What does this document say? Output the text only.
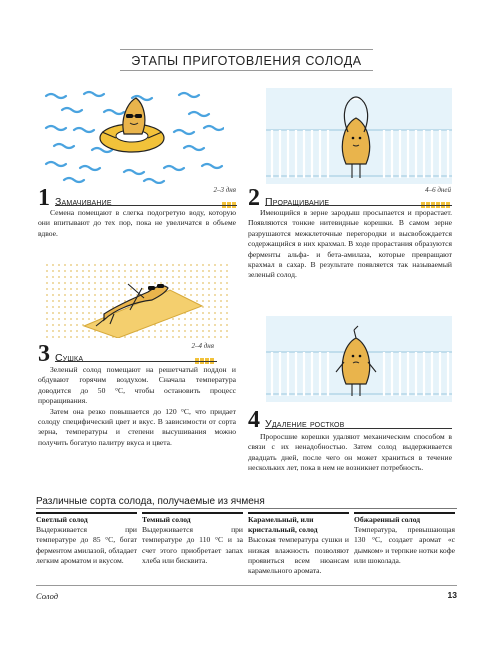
ЭТАПЫ ПРИГОТОВЛЕНИЯ СОЛОДА
1 Замачивание
2–3 дня

Семена помещают в слегка подогретую воду, которую они впитывают до тех пор, пока не увеличатся в объеме вдвое.

2 Проращивание
4–6 дней

Имеющийся в зерне зародыш просыпается и прорастает. Появляются тонкие нитевидные корешки. В самом зерне разрушаются межклеточные перегородки и высвобождается содержащийся в них крахмал. В ходе прорастания образуются ферменты альфа- и бета-амилаза, которые превращают крахмал в сахар. В результате появляется так называемый зеленый солод.

3 Сушка
2–4 дня

Зеленый солод помещают на решетчатый поддон и обдувают горячим воздухом. Сначала температура доводится до 50 °C, чтобы остановить процесс проращивания.

Затем она резко повышается до 120 °C, что придает солоду специфический цвет и вкус. В зависимости от сорта зерна, температуры и степени высушивания можно получить богатую палитру вкуса и цвета.

4 Удаление ростков

Проросшие корешки удаляют механическим способом в связи с их ненадобностью. Затем солод выдерживается двадцать дней, после чего он может храниться в течение нескольких лет, пока в нем не возникнет потребность.

Различные сорта солода, получаемые из ячменя
Светлый солод
Выдерживается при температуре до 85 °C, богат ферментом амилазой, обладает легким ароматом и вкусом.
Темный солод
Выдерживается при температуре до 110 °C и за счет этого приобретает запах хлеба или бисквита.
Карамельный, или кристальный, солод
Высокая температура сушки и низкая влажность позволяют проявиться всем нюансам карамельного аромата.
Обжаренный солод
Температура, превышающая 130 °C, создает аромат «с дымком» и терпкие нотки кофе или шоколада.
Солод	13
